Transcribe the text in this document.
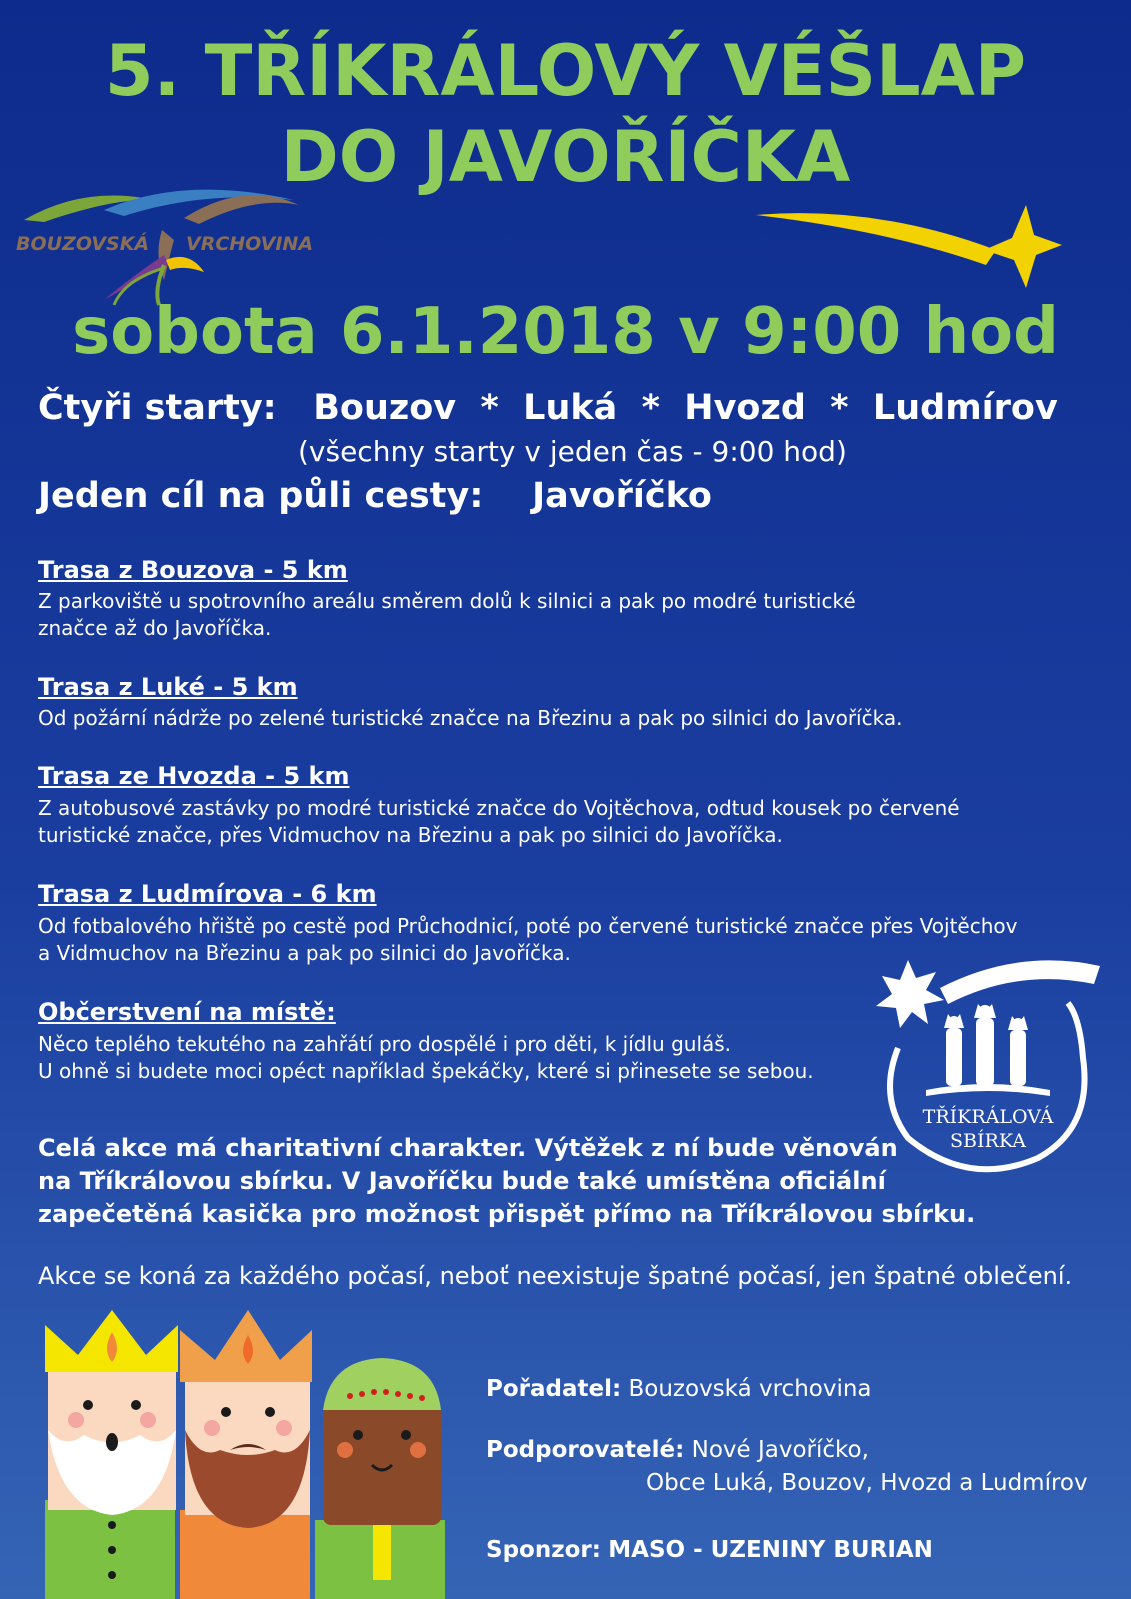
5. TŘÍKRÁLOVÝ VÉŠLAP
DO JAVOŘÍČKA
BOUZOVSKÁ VRCHOVINA
sobota 6.1.2018 v 9:00 hod
Čtyři starty: Bouzov  *  Luká  *  Hvozd  *  Ludmírov
(všechny starty v jeden čas - 9:00 hod)
Jeden cíl na půli cesty: Javoříčko
Trasa z Bouzova - 5 km
Z parkoviště u spotrovního areálu směrem dolů k silnici a pak po modré turistické
značce až do Javoříčka.
Trasa z Luké - 5 km
Od požární nádrže po zelené turistické značce na Březinu a pak po silnici do Javoříčka.
Trasa ze Hvozda - 5 km
Z autobusové zastávky po modré turistické značce do Vojtěchova, odtud kousek po červené
turistické značce, přes Vidmuchov na Březinu a pak po silnici do Javoříčka.
Trasa z Ludmírova - 6 km
Od fotbalového hřiště po cestě pod Průchodnicí, poté po červené turistické značce přes Vojtěchov
a Vidmuchov na Březinu a pak po silnici do Javoříčka.
Občerstvení na místě:
Něco teplého tekutého na zahřátí pro dospělé i pro děti, k jídlu guláš.
U ohně si budete moci opéct například špekáčky, které si přinesete se sebou.
TŘÍKRÁLOVÁ
SBÍRKA
Celá akce má charitativní charakter. Výtěžek z ní bude věnován
na Tříkrálovou sbírku. V Javoříčku bude také umístěna oficiální
zapečetěná kasička pro možnost přispět přímo na Tříkrálovou sbírku.
Akce se koná za každého počasí, neboť neexistuje špatné počasí, jen špatné oblečení.
Pořadatel: Bouzovská vrchovina
Podporovatelé: Nové Javoříčko,
Obce Luká, Bouzov, Hvozd a Ludmírov
Sponzor: MASO - UZENINY BURIAN
